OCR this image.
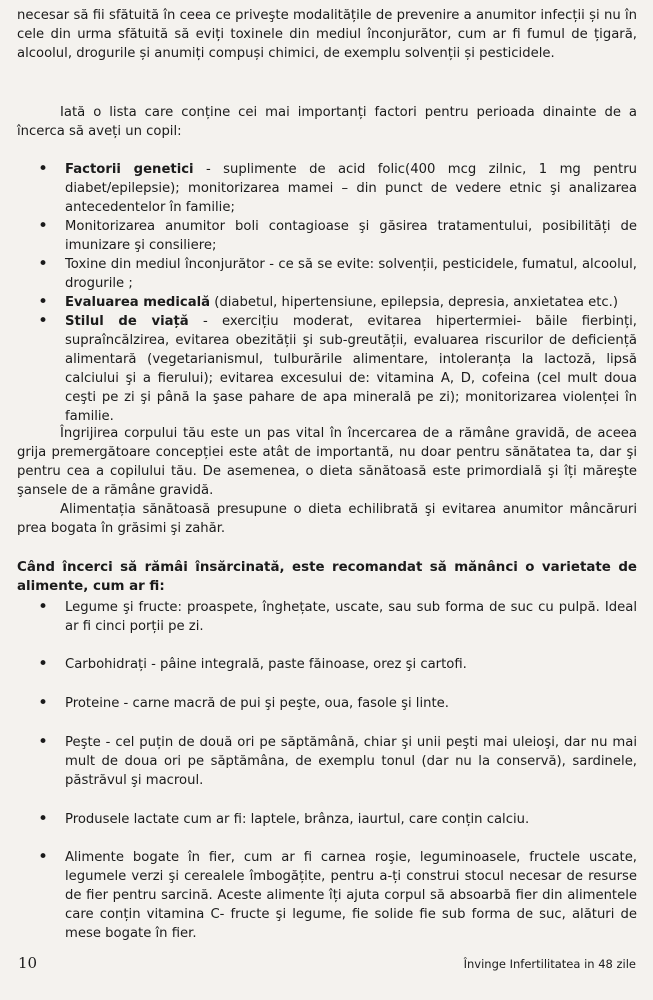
necesar să fii sfătuită în ceea ce priveşte modalitățile de prevenire a anumitor infecții și nu în cele din urma sfătuită să eviți toxinele din mediul înconjurător, cum ar fi fumul de țigară, alcoolul, drogurile și anumiți compuși chimici, de exemplu solvenții și pesticidele.

Iată o lista care conține cei mai importanți factori pentru perioada dinainte de a încerca să aveți un copil:

• Factorii genetici - suplimente de acid folic(400 mcg zilnic, 1 mg pentru diabet/epilepsie); monitorizarea mamei – din punct de vedere etnic şi analizarea antecedentelor în familie;
• Monitorizarea anumitor boli contagioase şi găsirea tratamentului, posibilități de imunizare şi consiliere;
• Toxine din mediul înconjurător - ce să se evite: solvenții, pesticidele, fumatul, alcoolul, drogurile ;
• Evaluarea medicală (diabetul, hipertensiune, epilepsia, depresia, anxietatea etc.)
• Stilul de viață - exercițiu moderat, evitarea hipertermiei- băile fierbinți, supraîncălzirea, evitarea obezității şi sub-greutății, evaluarea riscurilor de deficiență alimentară (vegetarianismul, tulburările alimentare, intoleranța la lactoză, lipsă calciului şi a fierului); evitarea excesului de: vitamina A, D, cofeina (cel mult doua ceşti pe zi şi până la şase pahare de apa minerală pe zi); monitorizarea violenței în familie.

Îngrijirea corpului tău este un pas vital în încercarea de a rămâne gravidă, de aceea grija premergătoare concepției este atât de importantă, nu doar pentru sănătatea ta, dar şi pentru cea a copilului tău. De asemenea, o dieta sănătoasă este primordială şi îți măreşte şansele de a rămâne gravidă.

Alimentația sănătoasă presupune o dieta echilibrată şi evitarea anumitor mâncăruri prea bogata în grăsimi şi zahăr.

Când încerci să rămâi însărcinată, este recomandat să mănânci o varietate de alimente, cum ar fi:

• Legume şi fructe: proaspete, înghețate, uscate, sau sub forma de suc cu pulpă. Ideal ar fi cinci porții pe zi.
• Carbohidrați - pâine integrală, paste făinoase, orez şi cartofi.
• Proteine - carne macră de pui şi peşte, oua, fasole şi linte.
• Peşte - cel puțin de două ori pe săptămână, chiar şi unii peşti mai uleioşi, dar nu mai mult de doua ori pe săptămâna, de exemplu tonul (dar nu la conservă), sardinele, păstrăvul şi macroul.
• Produsele lactate cum ar fi: laptele, brânza, iaurtul, care conțin calciu.
• Alimente bogate în fier, cum ar fi carnea roşie, leguminoasele, fructele uscate, legumele verzi şi cerealele îmbogățite, pentru a-ți construi stocul necesar de resurse de fier pentru sarcină. Aceste alimente îți ajuta corpul să absoarbă fier din alimentele care conțin vitamina C- fructe şi legume, fie solide fie sub forma de suc, alături de mese bogate în fier.
10	Învinge Infertilitatea in 48 zile
